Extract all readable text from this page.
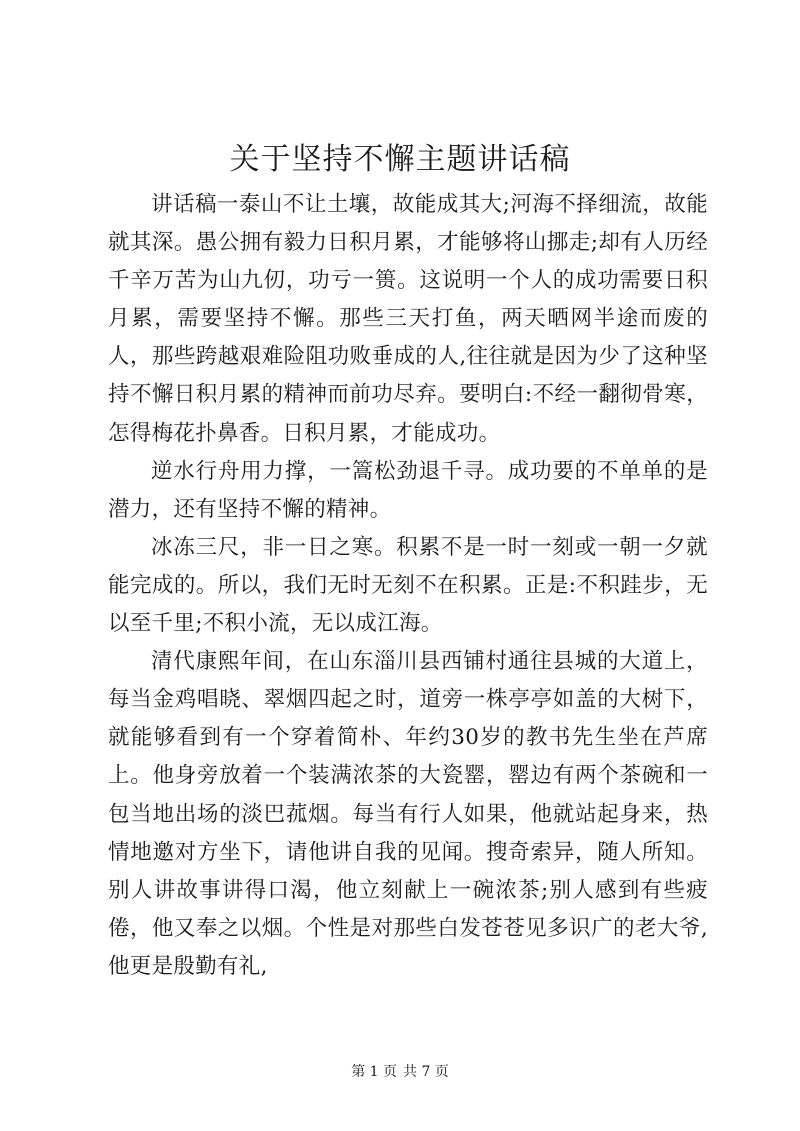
关于坚持不懈主题讲话稿

讲话稿一泰山不让土壤，故能成其大;河海不择细流，故能就其深。愚公拥有毅力日积月累，才能够将山挪走;却有人历经千辛万苦为山九仞，功亏一篑。这说明一个人的成功需要日积月累，需要坚持不懈。那些三天打鱼，两天晒网半途而废的人，那些跨越艰难险阻功败垂成的人,往往就是因为少了这种坚持不懈日积月累的精神而前功尽弃。要明白:不经一翻彻骨寒，怎得梅花扑鼻香。日积月累，才能成功。

逆水行舟用力撑，一篙松劲退千寻。成功要的不单单的是潜力，还有坚持不懈的精神。

冰冻三尺，非一日之寒。积累不是一时一刻或一朝一夕就能完成的。所以，我们无时无刻不在积累。正是:不积跬步，无以至千里;不积小流，无以成江海。

清代康熙年间，在山东淄川县西铺村通往县城的大道上，每当金鸡唱晓、翠烟四起之时，道旁一株亭亭如盖的大树下，就能够看到有一个穿着简朴、年约30岁的教书先生坐在芦席上。他身旁放着一个装满浓茶的大瓷罂，罂边有两个茶碗和一包当地出场的淡巴菰烟。每当有行人如果，他就站起身来，热情地邀对方坐下，请他讲自我的见闻。搜奇索异，随人所知。别人讲故事讲得口渴，他立刻献上一碗浓茶;别人感到有些疲倦，他又奉之以烟。个性是对那些白发苍苍见多识广的老大爷,他更是殷勤有礼,

第 1 页 共 7 页
